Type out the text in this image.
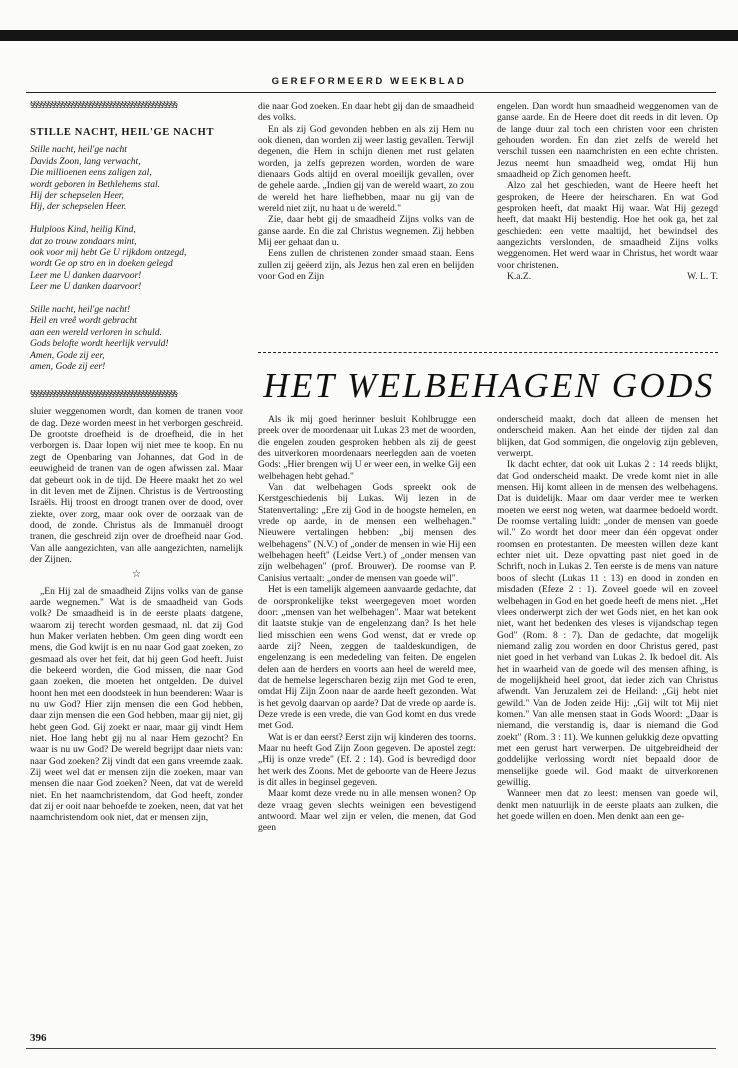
GEREFORMEERD WEEKBLAD
§§§§§§§§§§§§§§§§§§§§§§§§§§§§§§§§§§§§§§§§§§
STILLE NACHT, HEIL'GE NACHT
Stille nacht, heil'ge nacht
Davids Zoon, lang verwacht,
Die millioenen eens zaligen zal,
wordt geboren in Bethlehems stal.
Hij der schepselen Heer,
Hij, der schepselen Heer.
Hulploos Kind, heilig Kind,
dat zo trouw zondaars mint,
ook voor mij hebt Ge U rijkdom ontzegd,
wordt Ge op stro en in doeken gelegd
Leer me U danken daarvoor!
Leer me U danken daarvoor!
Stille nacht, heil'ge nacht!
Heil en vreê wordt gebracht
aan een wereld verloren in schuld.
Gods belofte wordt heerlijk vervuld!
Amen, Gode zij eer,
amen, Gode zij eer!
§§§§§§§§§§§§§§§§§§§§§§§§§§§§§§§§§§§§§§§§§§

sluier weggenomen wordt, dan komen de tranen voor de dag. Deze worden meest in het verborgen geschreid. De grootste droefheid is de droefheid, die in het verborgen is. Daar lopen wij niet mee te koop. En nu zegt de Openbaring van Johannes, dat God in de eeuwigheid de tranen van de ogen afwissen zal. Maar dat gebeurt ook in de tijd. De Heere maakt het zo wel in dit leven met de Zijnen. Christus is de Vertroosting Israëls. Hij troost en droogt tranen over de dood, over ziekte, over zorg, maar ook over de oorzaak van de dood, de zonde. Christus als de Immanuël droogt tranen, die geschreid zijn over de droefheid naar God. Van alle aangezichten, van alle aangezichten, namelijk der Zijnen.

☆

„En Hij zal de smaadheid Zijns volks van de ganse aarde wegnemen." Wat is de smaadheid van Gods volk? De smaadheid is in de eerste plaats datgene, waarom zij terecht worden gesmaad, nl. dat zij God hun Maker verlaten hebben. Om geen ding wordt een mens, die God kwijt is en nu naar God gaat zoeken, zo gesmaad als over het feit, dat hij geen God heeft. Juist die bekeerd worden, die God missen, die naar God gaan zoeken, die moeten het ontgelden. De duivel hoont hen met een doodsteek in hun beenderen: Waar is nu uw God? Hier zijn mensen die een God hebben, daar zijn mensen die een God hebben, maar gij niet, gij hebt geen God. Gij zoekt er naar, maar gij vindt Hem niet. Hoe lang hebt gij nu al naar Hem gezocht? En waar is nu uw God? De wereld begrijpt daar niets van: naar God zoeken? Zij vindt dat een gans vreemde zaak. Zij weet wel dat er mensen zijn die zoeken, maar van mensen die naar God zoeken? Neen, dat vat de wereld niet. En het naamchristendom, dat God heeft, zonder dat zij er ooit naar behoefde te zoeken, neen, dat vat het naamchristendom ook niet, dat er mensen zijn,

die naar God zoeken. En daar hebt gij dan de smaadheid des volks.

En als zij God gevonden hebben en als zij Hem nu ook dienen, dan worden zij weer lastig gevallen. Terwijl degenen, die Hem in schijn dienen met rust gelaten worden, ja zelfs geprezen worden, worden de ware dienaars Gods altijd en overal moeilijk gevallen, over de gehele aarde. „Indien gij van de wereld waart, zo zou de wereld het hare liefhebben, maar nu gij van de wereld niet zijt, nu haat u de wereld."

Zie, daar hebt gij de smaadheid Zijns volks van de ganse aarde. En die zal Christus wegnemen. Zij hebben Mij eer gehaat dan u.

Eens zullen de christenen zonder smaad staan. Eens zullen zij geëerd zijn, als Jezus hen zal eren en belijden voor God en Zijn

engelen. Dan wordt hun smaadheid weggenomen van de ganse aarde. En de Heere doet dit reeds in dit leven. Op de lange duur zal toch een christen voor een christen gehouden worden. En dan ziet zelfs de wereld het verschil tussen een naamchristen en een echte christen. Jezus neemt hun smaadheid weg, omdat Hij hun smaadheid op Zich genomen heeft.

Alzo zal het geschieden, want de Heere heeft het gesproken, de Heere der heirscharen. En wat God gesproken heeft, dat maakt Hij waar. Wat Hij gezegd heeft, dat maakt Hij bestendig. Hoe het ook ga, het zal geschieden: een vette maaltijd, het bewindsel des aangezichts verslonden, de smaadheid Zijns volks weggenomen. Het werd waar in Christus, het wordt waar voor christenen.

K.a.Z.	W. L. T.

HET WELBEHAGEN GODS

Als ik mij goed herinner besluit Kohlbrugge een preek over de moordenaar uit Lukas 23 met de woorden, die engelen zouden gesproken hebben als zij de geest des uitverkoren moordenaars neerlegden aan de voeten Gods: „Hier brengen wij U er weer een, in welke Gij een welbehagen hebt gehad."

Van dat welbehagen Gods spreekt ook de Kerstgeschiedenis bij Lukas. Wij lezen in de Statenvertaling: „Ere zij God in de hoogste hemelen, en vrede op aarde, in de mensen een welbehagen." Nieuwere vertalingen hebben: „bij mensen des welbehagens" (N.V.) of „onder de mensen in wie Hij een welbehagen heeft" (Leidse Vert.) of „onder mensen van zijn welbehagen" (prof. Brouwer). De roomse van P. Canisius vertaalt: „onder de mensen van goede wil".

Het is een tamelijk algemeen aanvaarde gedachte, dat de oorspronkelijke tekst weergegeven moet worden door: „mensen van het welbehagen". Maar wat betekent dit laatste stukje van de engelenzang dan? Is het hele lied misschien een wens God wenst, dat er vrede op aarde zij? Neen, zeggen de taaldeskundigen, de engelenzang is een mededeling van feiten. De engelen delen aan de herders en voorts aan heel de wereld mee, dat de hemelse legerscharen bezig zijn met God te eren, omdat Hij Zijn Zoon naar de aarde heeft gezonden. Wat is het gevolg daarvan op aarde? Dat de vrede op aarde is. Deze vrede is een vrede, die van God komt en dus vrede met God.

Wat is er dan eerst? Eerst zijn wij kinderen des toorns. Maar nu heeft God Zijn Zoon gegeven. De apostel zegt: „Hij is onze vrede" (Ef. 2 : 14). God is bevredigd door het werk des Zoons. Met de geboorte van de Heere Jezus is dit alles in beginsel gegeven.

Maar komt deze vrede nu in alle mensen wonen? Op deze vraag geven slechts weinigen een bevestigend antwoord. Maar wel zijn er velen, die menen, dat God geen

onderscheid maakt, doch dat alleen de mensen het onderscheid maken. Aan het einde der tijden zal dan blijken, dat God sommigen, die ongelovig zijn gebleven, verwerpt.

Ik dacht echter, dat ook uit Lukas 2 : 14 reeds blijkt, dat God onderscheid maakt. De vrede komt niet in alle mensen. Hij komt alleen in de mensen des welbehagens. Dat is duidelijk. Maar om daar verder mee te werken moeten we eerst nog weten, wat daarmee bedoeld wordt. De roomse vertaling luidt: „onder de mensen van goede wil." Zo wordt het door meer dan één opgevat onder roomsen en protestanten. De meesten willen deze kant echter niet uit. Deze opvatting past niet goed in de Schrift, noch in Lukas 2. Ten eerste is de mens van nature boos of slecht (Lukas 11 : 13) en dood in zonden en misdaden (Efeze 2 : 1). Zoveel goede wil en zoveel welbehagen in God en het goede heeft de mens niet. „Het vlees onderwerpt zich der wet Gods niet, en het kan ook niet, want het bedenken des vleses is vijandschap tegen God" (Rom. 8 : 7). Dan de gedachte, dat mogelijk niemand zalig zou worden en door Christus gered, past niet goed in het verband van Lukas 2. Ik bedoel dit. Als het in waarheid van de goede wil des mensen afhing, is de mogelijkheid heel groot, dat ieder zich van Christus afwendt. Van Jeruzalem zei de Heiland: „Gij hebt niet gewild." Van de Joden zeide Hij: „Gij wilt tot Mij niet komen." Van alle mensen staat in Gods Woord: „Daar is niemand, die verstandig is, daar is niemand die God zoekt" (Rom. 3 : 11). We kunnen gelukkig deze opvatting met een gerust hart verwerpen. De uitgebreidheid der goddelijke verlossing wordt niet bepaald door de menselijke goede wil. God maakt de uitverkorenen gewillig.

Wanneer men dat zo leest: mensen van goede wil, denkt men natuurlijk in de eerste plaats aan zulken, die het goede willen en doen. Men denkt aan een ge-

396
